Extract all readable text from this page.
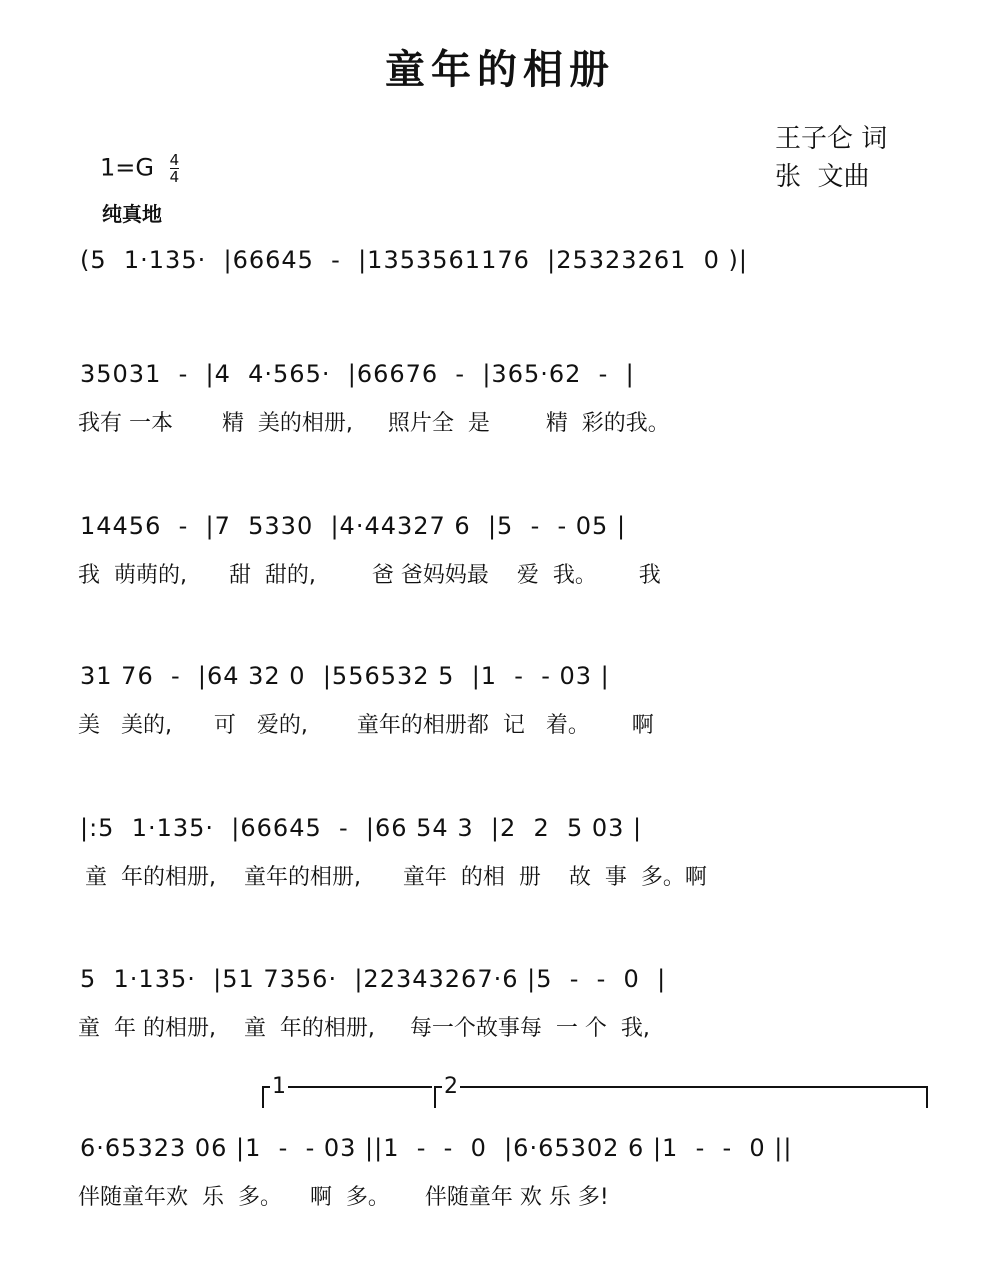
童年的相册
王子仑 词
张  文曲
$1=G \frac{4}{4}$
纯真地
(5  1·135·  |66645  -  |1353561176  |25323261  0 )|
35031  -  |4  4·565·  |66676  -  |365·62  -  |
我有 一本       精  美的相册,     照片全  是        精  彩的我。
14456  -  |7  5330  |4·44327 6  |5  -  - 05 |
我  萌萌的,      甜  甜的,        爸 爸妈妈最    爱  我。      我
31 76  -  |64 32 0  |556532 5  |1  -  - 03 |
美   美的,      可   爱的,       童年的相册都  记   着。      啊
|:5  1·135·  |66645  -  |66 54 3  |2  2  5 03 |
童  年的相册,    童年的相册,      童年  的相  册    故  事  多。啊
5  1·135·  |51 7356·  |22343267·6 |5  -  -  0  |
童  年 的相册,    童  年的相册,     每一个故事每  一 个  我,
1	2
6·65323 06 |1  -  - 03 ||1  -  -  0  |6·65302 6 |1  -  -  0 ||
伴随童年欢  乐  多。    啊  多。     伴随童年 欢 乐 多!
